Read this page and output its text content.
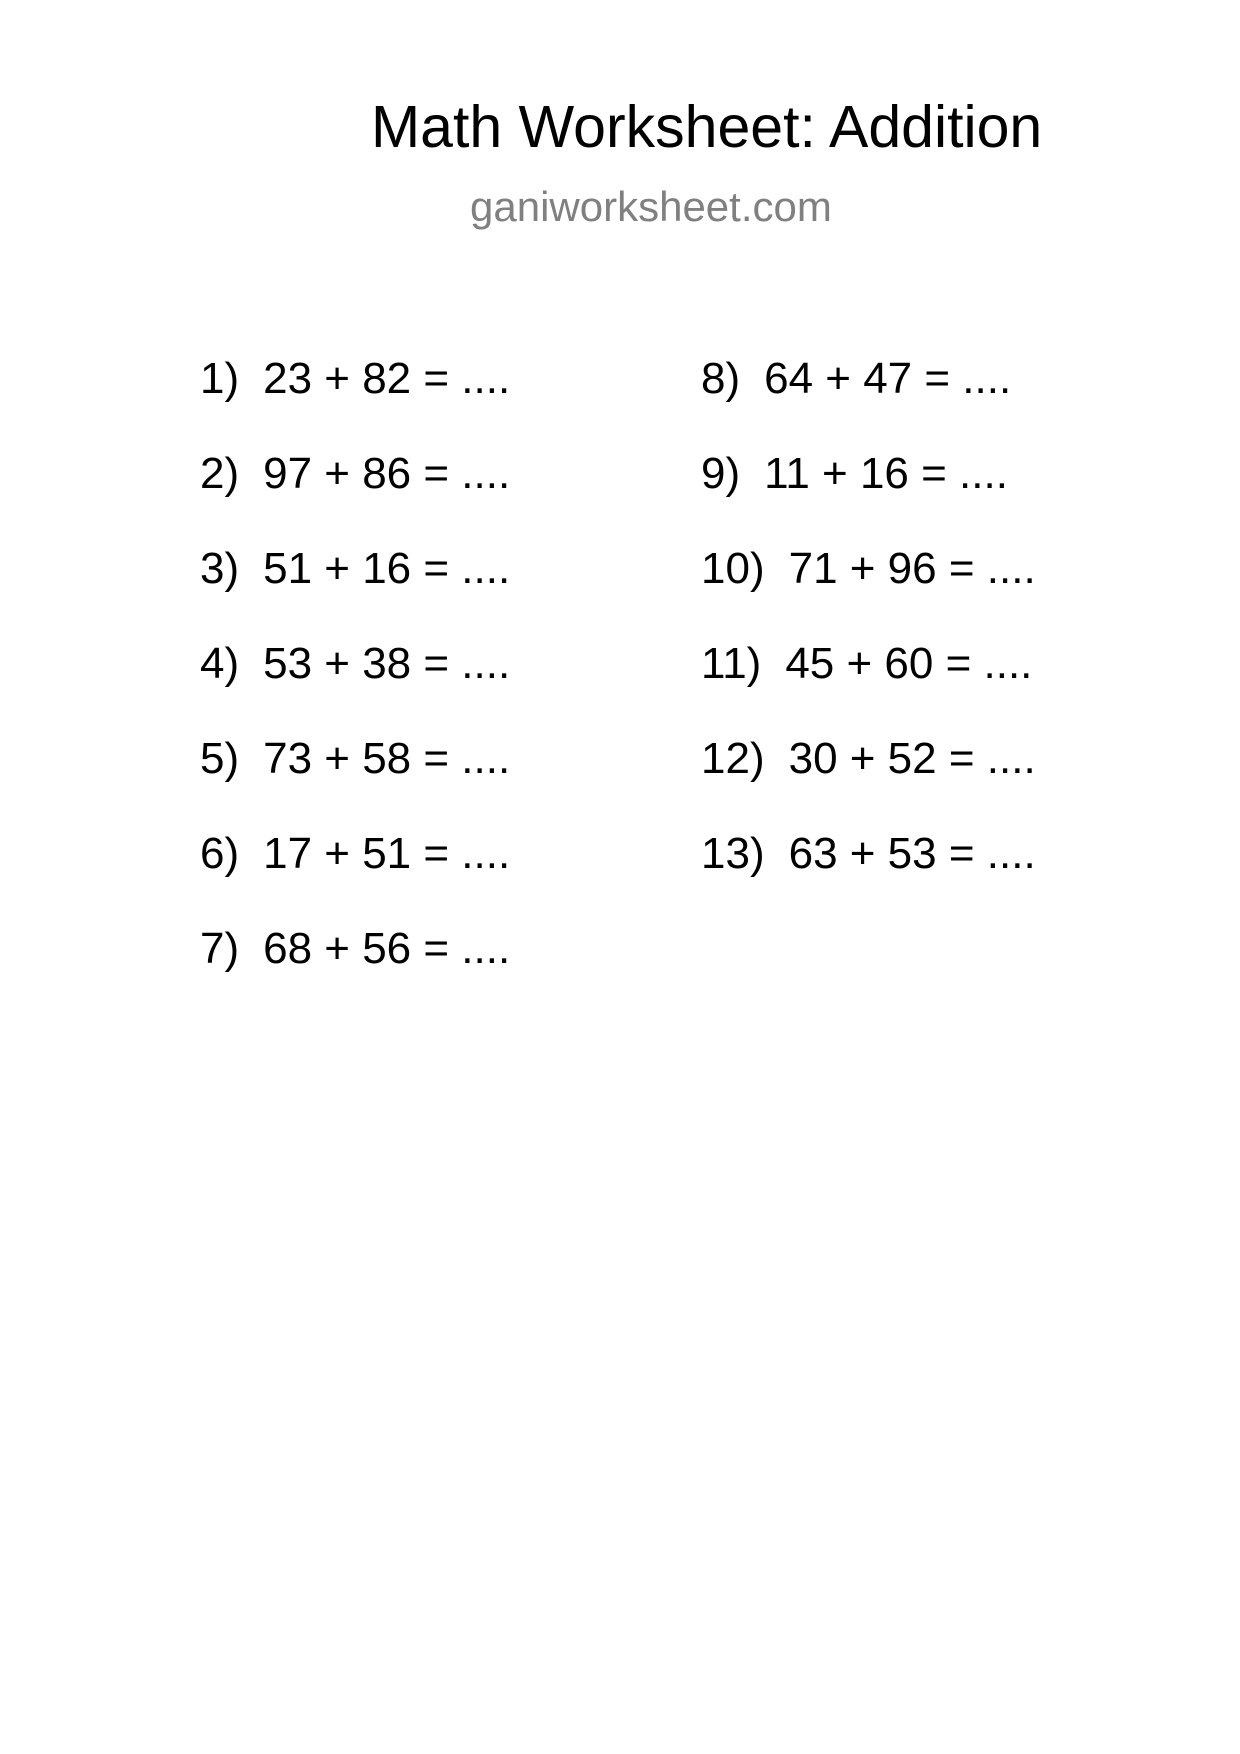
Math Worksheet: Addition
ganiworksheet.com
1) 23 + 82 = ....
2) 97 + 86 = ....
3) 51 + 16 = ....
4) 53 + 38 = ....
5) 73 + 58 = ....
6) 17 + 51 = ....
7) 68 + 56 = ....
8) 64 + 47 = ....
9) 11 + 16 = ....
10) 71 + 96 = ....
11) 45 + 60 = ....
12) 30 + 52 = ....
13) 63 + 53 = ....
